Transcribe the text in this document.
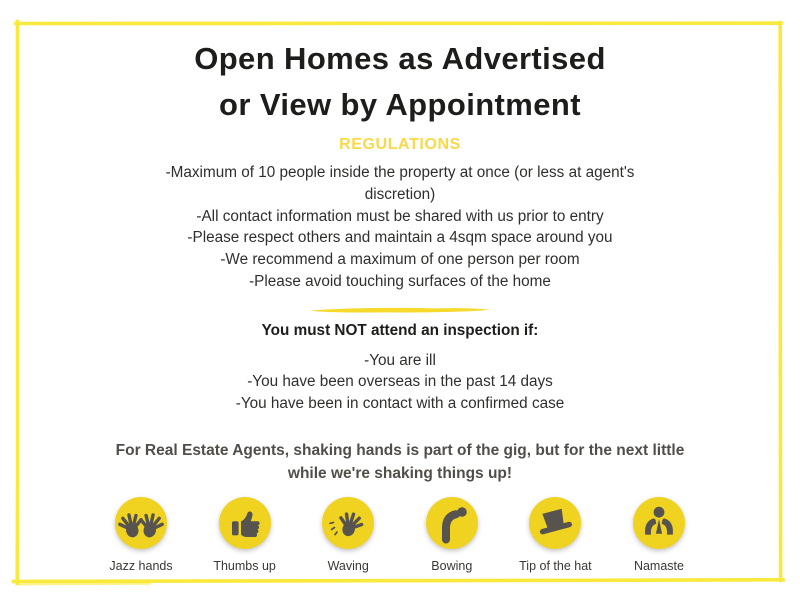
Open Homes as Advertised
or View by Appointment
REGULATIONS
-Maximum of 10 people inside the property at once (or less at agent's discretion)
-All contact information must be shared with us prior to entry
-Please respect others and maintain a 4sqm space around you
-We recommend a maximum of one person per room
-Please avoid touching surfaces of the home
You must NOT attend an inspection if:
-You are ill
-You have been overseas in the past 14 days
-You have been in contact with a confirmed case
For Real Estate Agents, shaking hands is part of the gig, but for the next little while we're shaking things up!
Jazz hands	Thumbs up	Waving	Bowing	Tip of the hat	Namaste
